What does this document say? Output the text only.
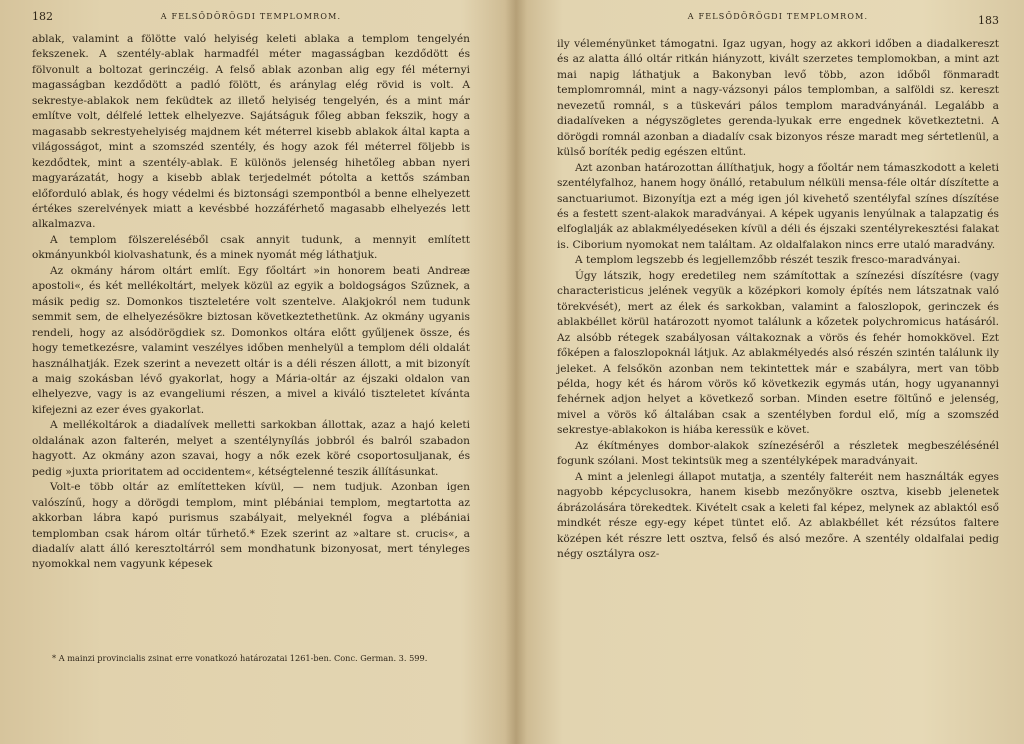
182	A FELSŐDÖRÖGDI TEMPLOMROM.

ablak, valamint a fölötte való helyiség keleti ablaka a templom tengelyén fekszenek. A szentély-ablak harmadfél méter magasságban kezdődött és fölvonult a boltozat gerinczéig. A felső ablak azonban alig egy fél méternyi magasságban kezdődött a padló fölött, és aránylag elég rövid is volt. A sekrestye-ablakok nem feküdtek az illető helyiség tengelyén, és a mint már említve volt, délfelé lettek elhelyezve. Sajátságuk főleg abban fekszik, hogy a magasabb sekrestyehelyiség majdnem két méterrel kisebb ablakok által kapta a világosságot, mint a szomszéd szentély, és hogy azok fél méterrel följebb is kezdődtek, mint a szentély-ablak. E különös jelenség hihetőleg abban nyeri magyarázatát, hogy a kisebb ablak terjedelmét pótolta a kettős számban előforduló ablak, és hogy védelmi és biztonsági szempontból a benne elhelyezett értékes szerelvények miatt a kevésbbé hozzáférhető magasabb elhelyezés lett alkalmazva.

A templom fölszereléséből csak annyit tudunk, a mennyit említett okmányunkból kiolvashatunk, és a minek nyomát még láthatjuk.

Az okmány három oltárt említ. Egy főoltárt »in honorem beati Andreæ apostoli«, és két mellékoltárt, melyek közül az egyik a boldogságos Szűznek, a másik pedig sz. Domonkos tiszteletére volt szentelve. Alakjokról nem tudunk semmit sem, de elhelyezésökre biztosan következtethetünk. Az okmány ugyanis rendeli, hogy az alsódörögdiek sz. Domonkos oltára előtt gyűljenek össze, és hogy temetkezésre, valamint veszélyes időben menhelyül a templom déli oldalát használhatják. Ezek szerint a nevezett oltár is a déli részen állott, a mit bizonyít a maig szokásban lévő gyakorlat, hogy a Mária-oltár az éjszaki oldalon van elhelyezve, vagy is az evangeliumi részen, a mivel a kiváló tiszteletet kívánta kifejezni az ezer éves gyakorlat.

A mellékoltárok a diadalívek melletti sarkokban állottak, azaz a hajó keleti oldalának azon falterén, melyet a szentélynyílás jobbról és balról szabadon hagyott. Az okmány azon szavai, hogy a nők ezek köré csoportosuljanak, és pedig »juxta prioritatem ad occidentem«, kétségtelenné teszik állításunkat.

Volt-e több oltár az említetteken kívül, — nem tudjuk. Azonban igen valószínű, hogy a dörögdi templom, mint plébániai templom, megtartotta az akkorban lábra kapó purismus szabályait, melyeknél fogva a plébániai templomban csak három oltár tűrhető.* Ezek szerint az »altare st. crucis«, a diadalív alatt álló keresztoltárról sem mondhatunk bizonyosat, mert tényleges nyomokkal nem vagyunk képesek

* A mainzi provincialis zsinat erre vonatkozó határozatai 1261-ben. Conc. German. 3. 599.

A FELSŐDÖRÖGDI TEMPLOMROM.	183

ily véleményünket támogatni. Igaz ugyan, hogy az akkori időben a diadalkereszt és az alatta álló oltár ritkán hiányzott, kivált szerzetes templomokban, a mint azt mai napig láthatjuk a Bakonyban levő több, azon időből fönmaradt templomromnál, mint a nagy-vázsonyi pálos templomban, a salföldi sz. kereszt nevezetű romnál, s a tüskevári pálos templom maradványánál. Legalább a diadalíveken a négyszögletes gerenda-lyukak erre engednek következtetni. A dörögdi romnál azonban a diadalív csak bizonyos része maradt meg sértetlenül, a külső boríték pedig egészen eltűnt.

Azt azonban határozottan állíthatjuk, hogy a főoltár nem támaszkodott a keleti szentélyfalhoz, hanem hogy önálló, retabulum nélküli mensa-féle oltár díszítette a sanctuariumot. Bizonyítja ezt a még igen jól kivehető szentélyfal színes díszítése és a festett szent-alakok maradványai. A képek ugyanis lenyúlnak a talapzatig és elfoglalják az ablakmélyedéseken kívül a déli és éjszaki szentélyrekesztési falakat is. Ciborium nyomokat nem találtam. Az oldalfalakon nincs erre utaló maradvány.

A templom legszebb és legjellemzőbb részét teszik fresco-maradványai.

Úgy látszik, hogy eredetileg nem számítottak a színezési díszítésre (vagy characteristicus jelének vegyük a középkori komoly építés nem látszatnak való törekvését), mert az élek és sarkokban, valamint a faloszlopok, gerinczek és ablakbéllet körül határozott nyomot találunk a kőzetek polychromicus hatásáról. Az alsóbb rétegek szabályosan váltakoznak a vörös és fehér homokkövel. Ezt főképen a faloszlopoknál látjuk. Az ablakmélyedés alsó részén szintén találunk ily jeleket. A felsőkön azonban nem tekintettek már e szabályra, mert van több példa, hogy két és három vörös kő következik egymás után, hogy ugyanannyi fehérnek adjon helyet a következő sorban. Minden esetre föltűnő e jelenség, mivel a vörös kő általában csak a szentélyben fordul elő, míg a szomszéd sekrestye-ablakokon is hiába keressük e követ.

Az ékítményes dombor-alakok színezéséről a részletek megbeszélésénél fogunk szólani. Most tekintsük meg a szentélyképek maradványait.

A mint a jelenlegi állapot mutatja, a szentély falteréit nem használták egyes nagyobb képcyclusokra, hanem kisebb mezőnyökre osztva, kisebb jelenetek ábrázolására törekedtek. Kivételt csak a keleti fal képez, melynek az ablaktól eső mindkét része egy-egy képet tüntet elő. Az ablakbéllet két rézsútos faltere középen két részre lett osztva, felső és alsó mezőre. A szentély oldalfalai pedig négy osztályra osz-
